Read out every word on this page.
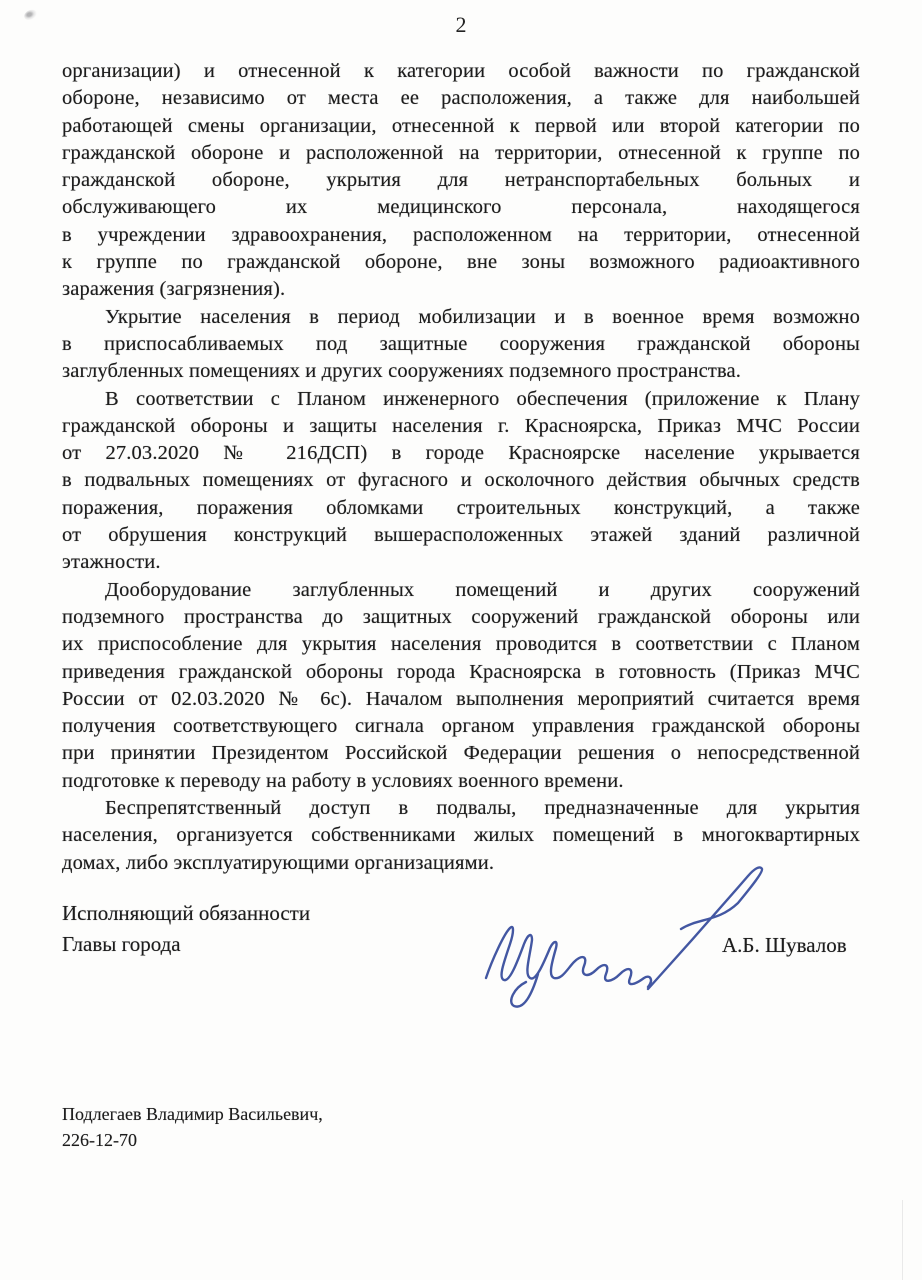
2
организации) и отнесенной к категории особой важности по гражданской
обороне, независимо от места ее расположения, а также для наибольшей
работающей смены организации, отнесенной к первой или второй категории по
гражданской обороне и расположенной на территории, отнесенной к группе по
гражданской обороне, укрытия для нетранспортабельных больных и
обслуживающего их медицинского персонала, находящегося
в учреждении здравоохранения, расположенном на территории, отнесенной
к группе по гражданской обороне, вне зоны возможного радиоактивного
заражения (загрязнения).
Укрытие населения в период мобилизации и в военное время возможно
в приспосабливаемых под защитные сооружения гражданской обороны
заглубленных помещениях и других сооружениях подземного пространства.
В соответствии с Планом инженерного обеспечения (приложение к Плану
гражданской обороны и защиты населения г. Красноярска, Приказ МЧС России
от 27.03.2020 № 216ДСП) в городе Красноярске население укрывается
в подвальных помещениях от фугасного и осколочного действия обычных средств
поражения, поражения обломками строительных конструкций, а также
от обрушения конструкций вышерасположенных этажей зданий различной
этажности.
Дооборудование заглубленных помещений и других сооружений
подземного пространства до защитных сооружений гражданской обороны или
их приспособление для укрытия населения проводится в соответствии с Планом
приведения гражданской обороны города Красноярска в готовность (Приказ МЧС
России от 02.03.2020 № 6с). Началом выполнения мероприятий считается время
получения соответствующего сигнала органом управления гражданской обороны
при принятии Президентом Российской Федерации решения о непосредственной
подготовке к переводу на работу в условиях военного времени.
Беспрепятственный доступ в подвалы, предназначенные для укрытия
населения, организуется собственниками жилых помещений в многоквартирных
домах, либо эксплуатирующими организациями.
Исполняющий обязанности
Главы города	А.Б. Шувалов
Подлегаев Владимир Васильевич,
226-12-70
